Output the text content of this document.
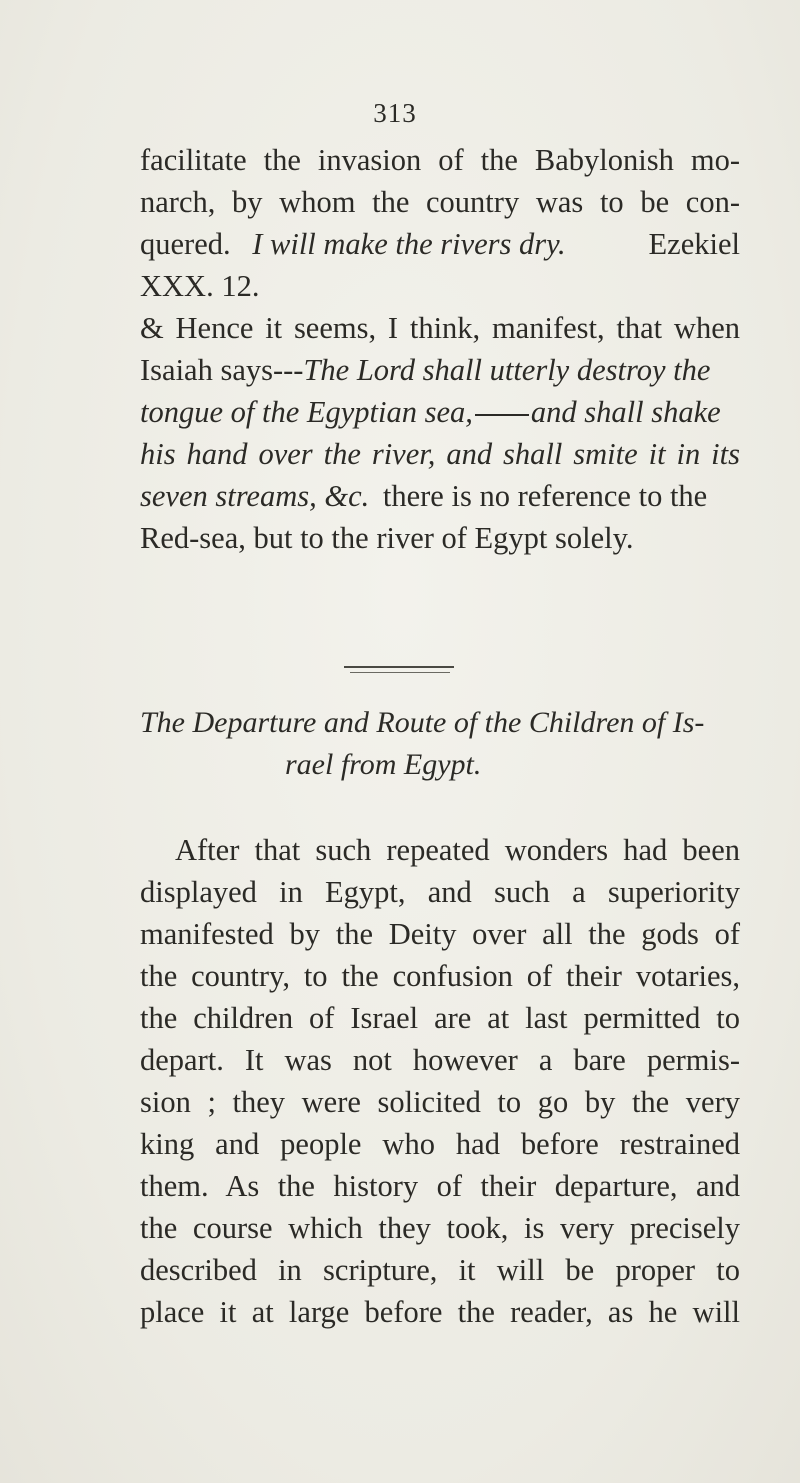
313
facilitate the invasion of the Babylonish mo-
narch, by whom the country was to be con-
quered. I will make the rivers dry.	Ezekiel
XXX. 12.
& Hence it seems, I think, manifest, that when
Isaiah says---The Lord shall utterly destroy the
tongue of the Egyptian sea, and shall shake
his hand over the river, and shall smite it in its
seven streams, &c. there is no reference to the
Red-sea, but to the river of Egypt solely.
The Departure and Route of the Children of Is-
rael from Egypt.
After that such repeated wonders had been
displayed in Egypt, and such a superiority
manifested by the Deity over all the gods of
the country, to the confusion of their votaries,
the children of Israel are at last permitted to
depart. It was not however a bare permis-
sion ; they were solicited to go by the very
king and people who had before restrained
them. As the history of their departure, and
the course which they took, is very precisely
described in scripture, it will be proper to
place it at large before the reader, as he will
